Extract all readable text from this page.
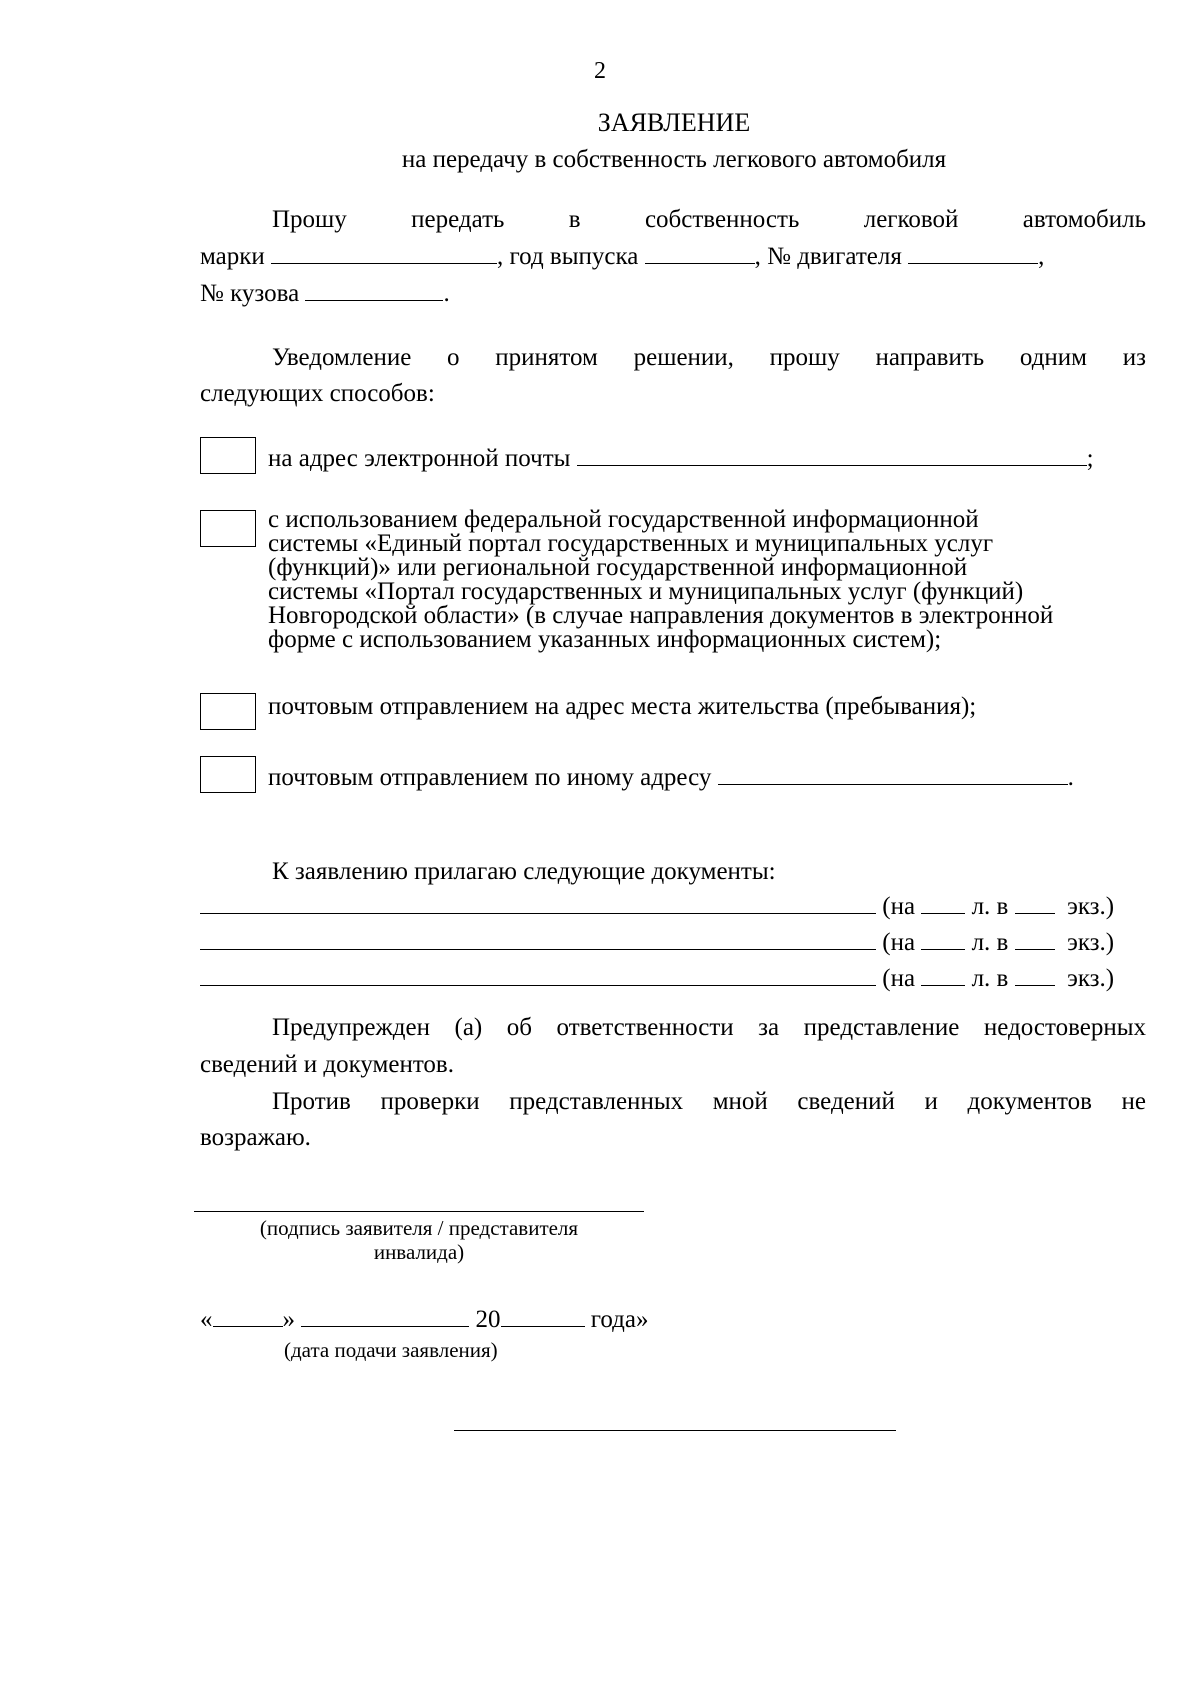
2
ЗАЯВЛЕНИЕ
на передачу в собственность легкового автомобиля
Прошу передать в собственность легковой автомобиль
марки	, год выпуска	, № двигателя	,
№ кузова	.
Уведомление о принятом решении, прошу направить одним из
следующих способов:
на адрес электронной почты	;
с использованием федеральной государственной информационной
системы «Единый портал государственных и муниципальных услуг
(функций)» или региональной государственной информационной
системы «Портал государственных и муниципальных услуг (функций)
Новгородской области» (в случае направления документов в электронной
форме с использованием указанных информационных систем);
почтовым отправлением на адрес места жительства (пребывания);
почтовым отправлением по иному адресу	.
К заявлению прилагаю следующие документы:
(на л. в экз.)
(на л. в экз.)
(на л. в экз.)
Предупрежден (а) об ответственности за представление недостоверных
сведений и документов.
Против проверки представленных мной сведений и документов не
возражаю.
(подпись заявителя / представителя
инвалида)
«	»	20	года»
(дата подачи заявления)
